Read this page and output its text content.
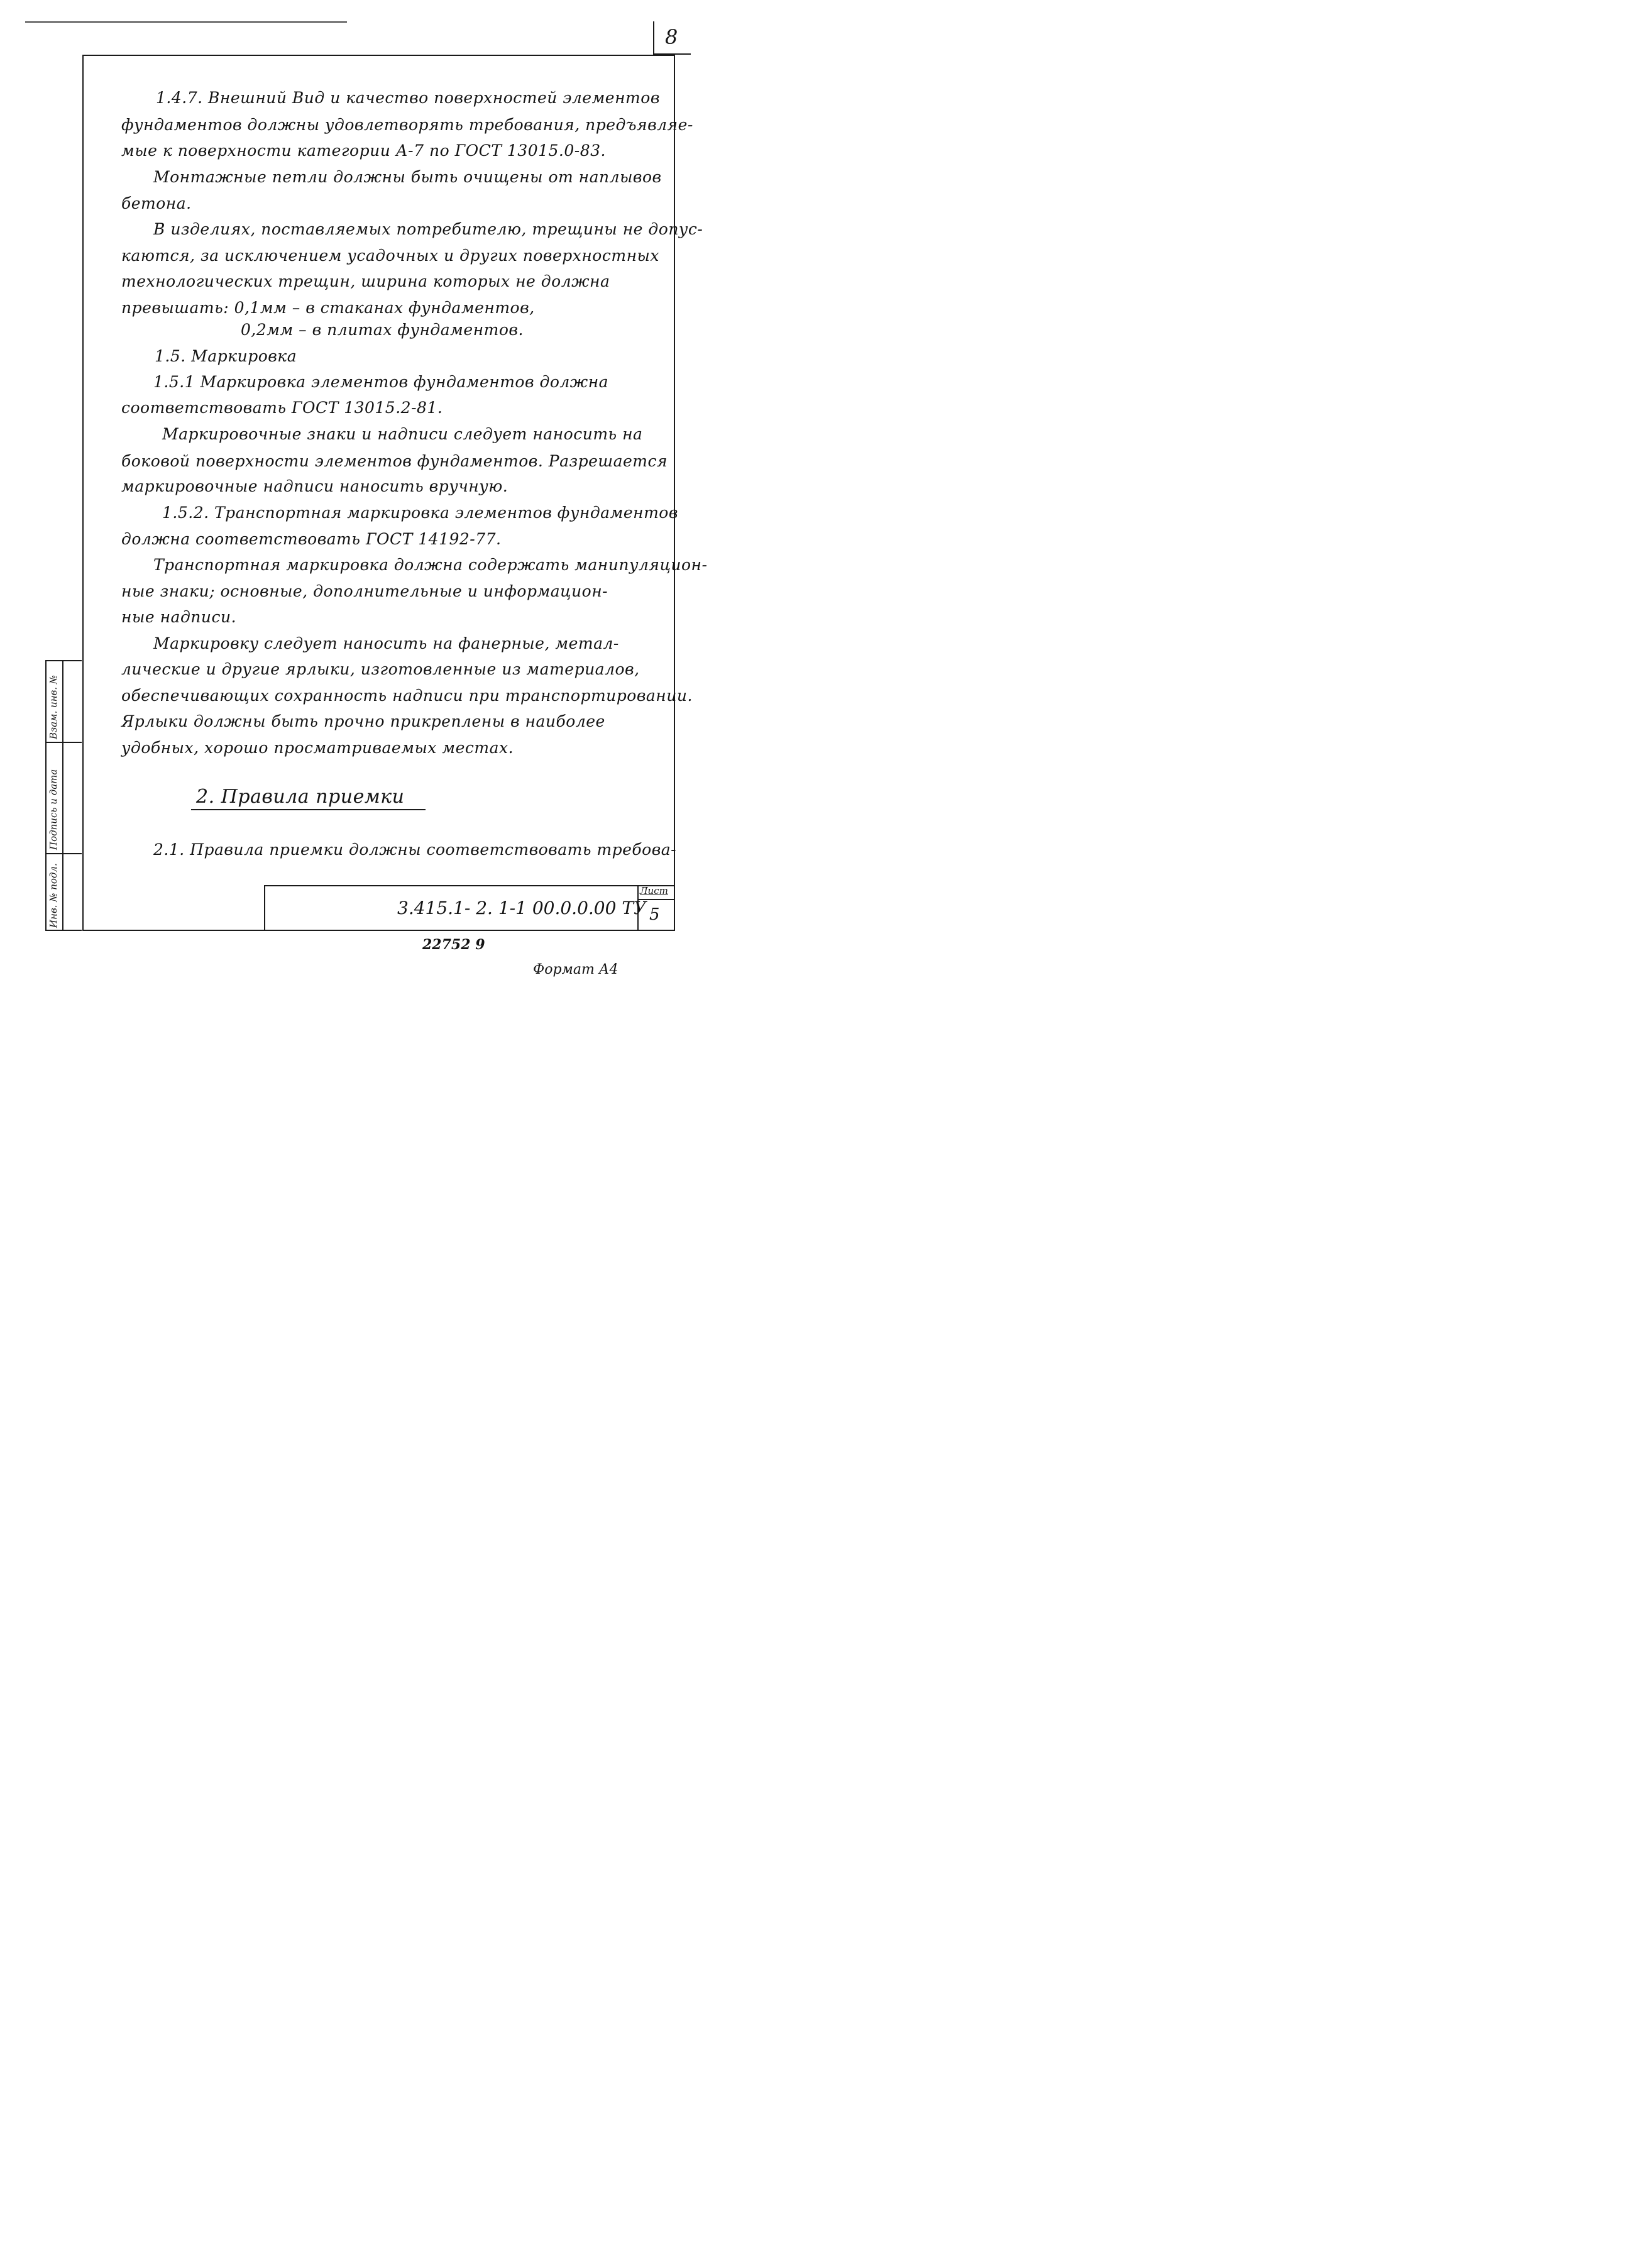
8
1.4.7. Внешний Вид и качество поверхностей элементов
фундаментов должны удовлетворять требования, предъявляе-
мые к поверхности категории А-7 по ГОСТ 13015.0-83.
Монтажные петли должны быть очищены от наплывов
бетона.
В изделиях, поставляемых потребителю, трещины не допус-
каются, за исключением усадочных и других поверхностных
технологических трещин, ширина которых не должна
превышать: 0,1мм – в стаканах фундаментов,
0,2мм – в плитах фундаментов.
1.5. Маркировка
1.5.1 Маркировка элементов фундаментов должна
соответствовать ГОСТ 13015.2-81.
Маркировочные знаки и надписи следует наносить на
боковой поверхности элементов фундаментов. Разрешается
маркировочные надписи наносить вручную.
1.5.2. Транспортная маркировка элементов фундаментов
должна соответствовать ГОСТ 14192-77.
Транспортная маркировка должна содержать манипуляцион-
ные знаки; основные, дополнительные и информацион-
ные надписи.
Маркировку следует наносить на фанерные, метал-
лические и другие ярлыки, изготовленные из материалов,
обеспечивающих сохранность надписи при транспортировании.
Ярлыки должны быть прочно прикреплены в наиболее
удобных, хорошо просматриваемых местах.
2. Правила приемки
2.1. Правила приемки должны соответствовать требова-
Инв. № подл.
Подпись и дата
Взам. инв. №
3.415.1- 2. 1-1 00.0.0.00 ТУ
Лист
5
22752 9
Формат А4
